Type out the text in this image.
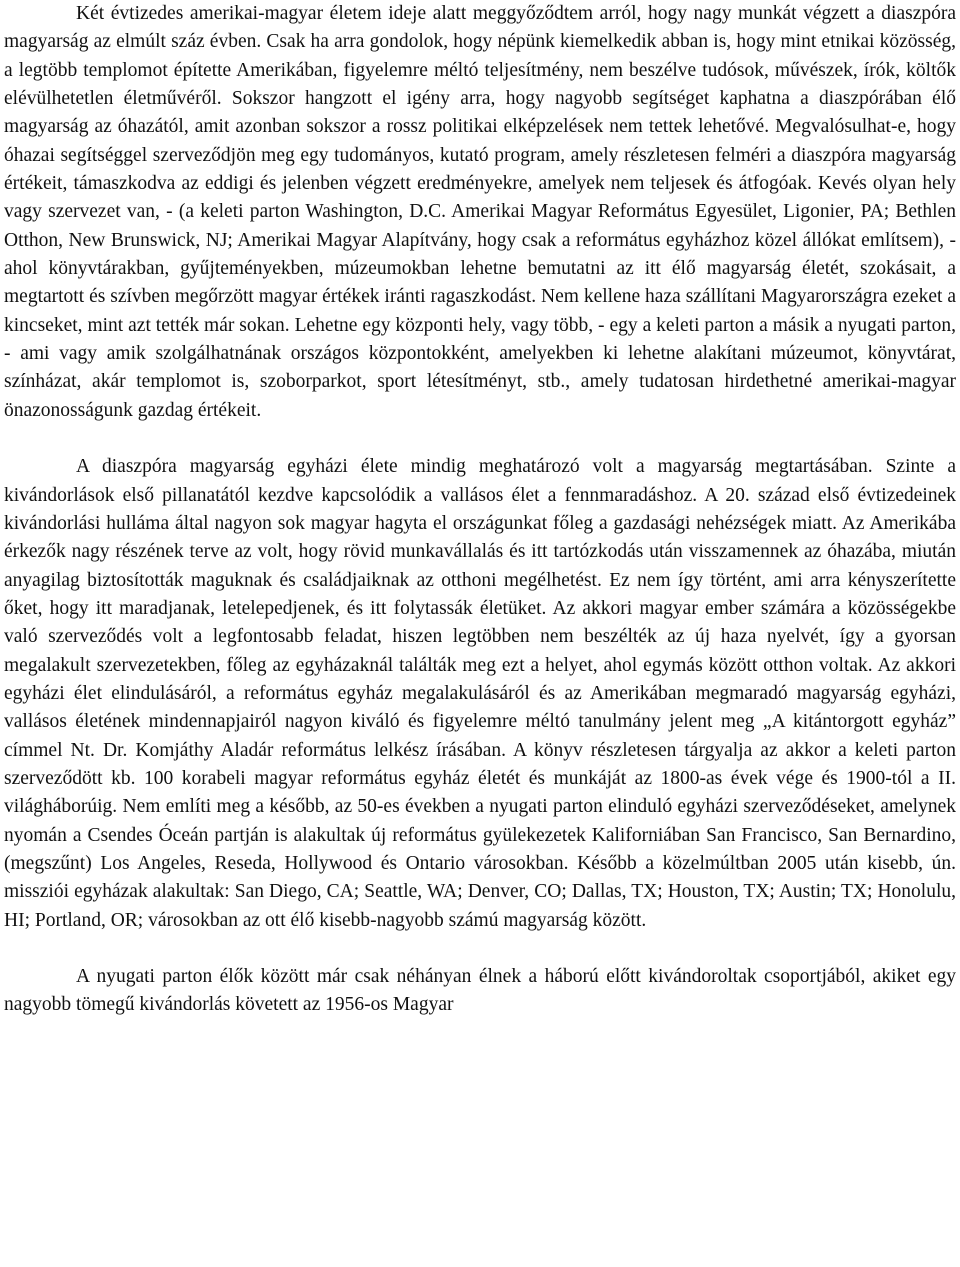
Két évtizedes amerikai-magyar életem ideje alatt meggyőződtem arról, hogy nagy munkát végzett a diaszpóra magyarság az elmúlt száz évben. Csak ha arra gondolok, hogy népünk kiemelkedik abban is, hogy mint etnikai közösség, a legtöbb templomot építette Amerikában, figyelemre méltó teljesítmény, nem beszélve tudósok, művészek, írók, költők elévülhetetlen életművéről. Sokszor hangzott el igény arra, hogy nagyobb segítséget kaphatna a diaszpórában élő magyarság az óhazától, amit azonban sokszor a rossz politikai elképzelések nem tettek lehetővé. Megvalósulhat-e, hogy óhazai segítséggel szerveződjön meg egy tudományos, kutató program, amely részletesen felméri a diaszpóra magyarság értékeit, támaszkodva az eddigi és jelenben végzett eredményekre, amelyek nem teljesek és átfogóak. Kevés olyan hely vagy szervezet van, - (a keleti parton Washington, D.C. Amerikai Magyar Református Egyesület, Ligonier, PA; Bethlen Otthon, New Brunswick, NJ; Amerikai Magyar Alapítvány, hogy csak a református egyházhoz közel állókat említsem), - ahol könyvtárakban, gyűjteményekben, múzeumokban lehetne bemutatni az itt élő magyarság életét, szokásait, a megtartott és szívben megőrzött magyar értékek iránti ragaszkodást. Nem kellene haza szállítani Magyarországra ezeket a kincseket, mint azt tették már sokan. Lehetne egy központi hely, vagy több, - egy a keleti parton a másik a nyugati parton, - ami vagy amik szolgálhatnának országos központokként, amelyekben ki lehetne alakítani múzeumot, könyvtárat, színházat, akár templomot is, szoborparkot, sport létesítményt, stb., amely tudatosan hirdethetné amerikai-magyar önazonosságunk gazdag értékeit.

A diaszpóra magyarság egyházi élete mindig meghatározó volt a magyarság megtartásában. Szinte a kivándorlások első pillanatától kezdve kapcsolódik a vallásos élet a fennmaradáshoz. A 20. század első évtizedeinek kivándorlási hulláma által nagyon sok magyar hagyta el országunkat főleg a gazdasági nehézségek miatt. Az Amerikába érkezők nagy részének terve az volt, hogy rövid munkavállalás és itt tartózkodás után visszamennek az óhazába, miután anyagilag biztosították maguknak és családjaiknak az otthoni megélhetést. Ez nem így történt, ami arra kényszerítette őket, hogy itt maradjanak, letelepedjenek, és itt folytassák életüket. Az akkori magyar ember számára a közösségekbe való szerveződés volt a legfontosabb feladat, hiszen legtöbben nem beszélték az új haza nyelvét, így a gyorsan megalakult szervezetekben, főleg az egyházaknál találták meg ezt a helyet, ahol egymás között otthon voltak. Az akkori egyházi élet elindulásáról, a református egyház megalakulásáról és az Amerikában megmaradó magyarság egyházi, vallásos életének mindennapjairól nagyon kiváló és figyelemre méltó tanulmány jelent meg „A kitántorgott egyház” címmel Nt. Dr. Komjáthy Aladár református lelkész írásában. A könyv részletesen tárgyalja az akkor a keleti parton szerveződött kb. 100 korabeli magyar református egyház életét és munkáját az 1800-as évek vége és 1900-tól a II. világháborúig. Nem említi meg a később, az 50-es években a nyugati parton elinduló egyházi szerveződéseket, amelynek nyomán a Csendes Óceán partján is alakultak új református gyülekezetek Kaliforniában San Francisco, San Bernardino, (megszűnt) Los Angeles, Reseda, Hollywood és Ontario városokban. Később a közelmúltban 2005 után kisebb, ún. missziói egyházak alakultak: San Diego, CA; Seattle, WA; Denver, CO; Dallas, TX; Houston, TX; Austin; TX; Honolulu, HI; Portland, OR; városokban az ott élő kisebb-nagyobb számú magyarság között.

A nyugati parton élők között már csak néhányan élnek a háború előtt kivándoroltak csoportjából, akiket egy nagyobb tömegű kivándorlás követett az 1956-os Magyar
